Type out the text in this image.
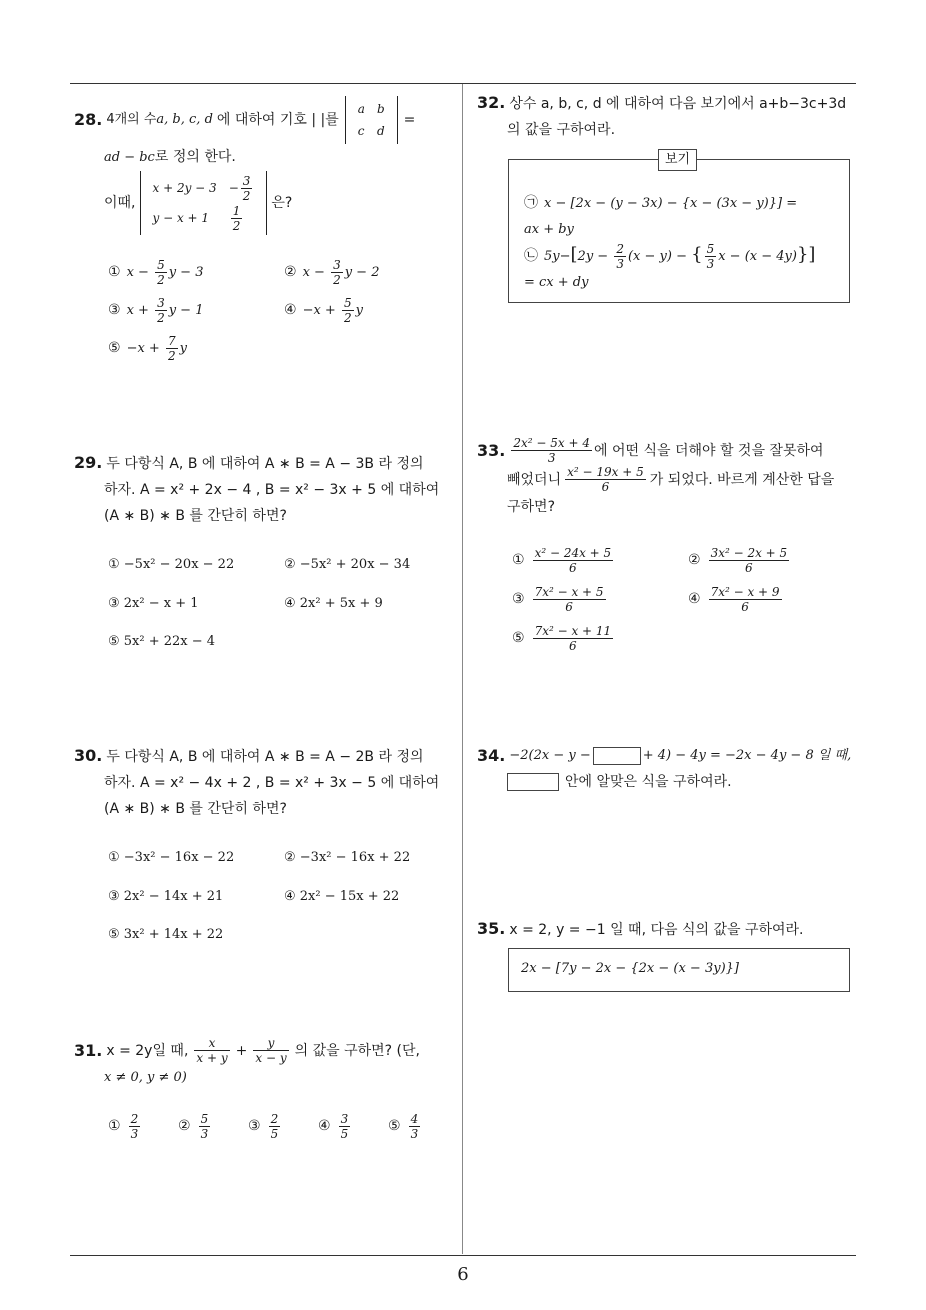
28. 4개의 수 a, b, c, d 에 대하여 기호 | |를
a	b
c	d
=
ad − bc로 정의 한다.
이때,
x + 2y − 3	− $\frac{3}{2}$

y − x + 1	$\frac{1}{2}$
은?
① $x - \frac{5}{2}$ y − 3	② $x - \frac{3}{2}$ y − 2
③ $x + \frac{3}{2}$ y − 1	④ $-x + \frac{5}{2}$ y
⑤ $-x + \frac{7}{2}$ y
29. 두 다항식 A, B 에 대하여 A ∗ B = A − 3B 라 정의
하자. A = x² + 2x − 4 , B = x² − 3x + 5 에 대하여
(A ∗ B) ∗ B 를 간단히 하면?
① −5x² − 20x − 22	② −5x² + 20x − 34
③ 2x² − x + 1	④ 2x² + 5x + 9
⑤ 5x² + 22x − 4
30. 두 다항식 A, B 에 대하여 A ∗ B = A − 2B 라 정의
하자. A = x² − 4x + 2 , B = x² + 3x − 5 에 대하여
(A ∗ B) ∗ B 를 간단히 하면?
① −3x² − 16x − 22	② −3x² − 16x + 22
③ 2x² − 14x + 21	④ 2x² − 15x + 22
⑤ 3x² + 14x + 22
31. x = 2y일 때, $\frac{x}{x + y} + \frac{y}{x - y}$ 의 값을 구하면? (단,
x ≠ 0, y ≠ 0)
① $\frac{2}{3}$	② $\frac{5}{3}$	③ $\frac{2}{5}$	④ $\frac{3}{5}$	⑤ $\frac{4}{3}$
32. 상수 a, b, c, d 에 대하여 다음 보기에서 a+b−3c+3d
의 값을 구하여라.
보기
㉠ x − [2x − (y − 3x) − {x − (3x − y)}] =
ax + by
㉡ $5y-[2y - \frac{2}{3} (x - y)$ − { $\frac{5}{3}$ x − (x − 4y)}]
= cx + dy
33. $\frac{\text{2x² − 5x + 4}}{3}$ 에 어떤 식을 더해야 할 것을 잘못하여
빼었더니 $\frac{\text{x² − 19x + 5}}{6}$ 가 되었다. 바르게 계산한 답을
구하면?
① $\frac{\text{x² − 24x + 5}}{6}$	② $\frac{\text{3x² − 2x + 5}}{6}$
③ $\frac{\text{7x² − x + 5}}{6}$	④ $\frac{\text{7x² − x + 9}}{6}$
⑤ $\frac{\text{7x² − x + 11}}{6}$
34. −2(2x − y −	+ 4) − 4y = −2x − 4y − 8 일 때,
안에 알맞은 식을 구하여라.
35. x = 2, y = −1 일 때, 다음 식의 값을 구하여라.
2x − [7y − 2x − {2x − (x − 3y)}]
6
